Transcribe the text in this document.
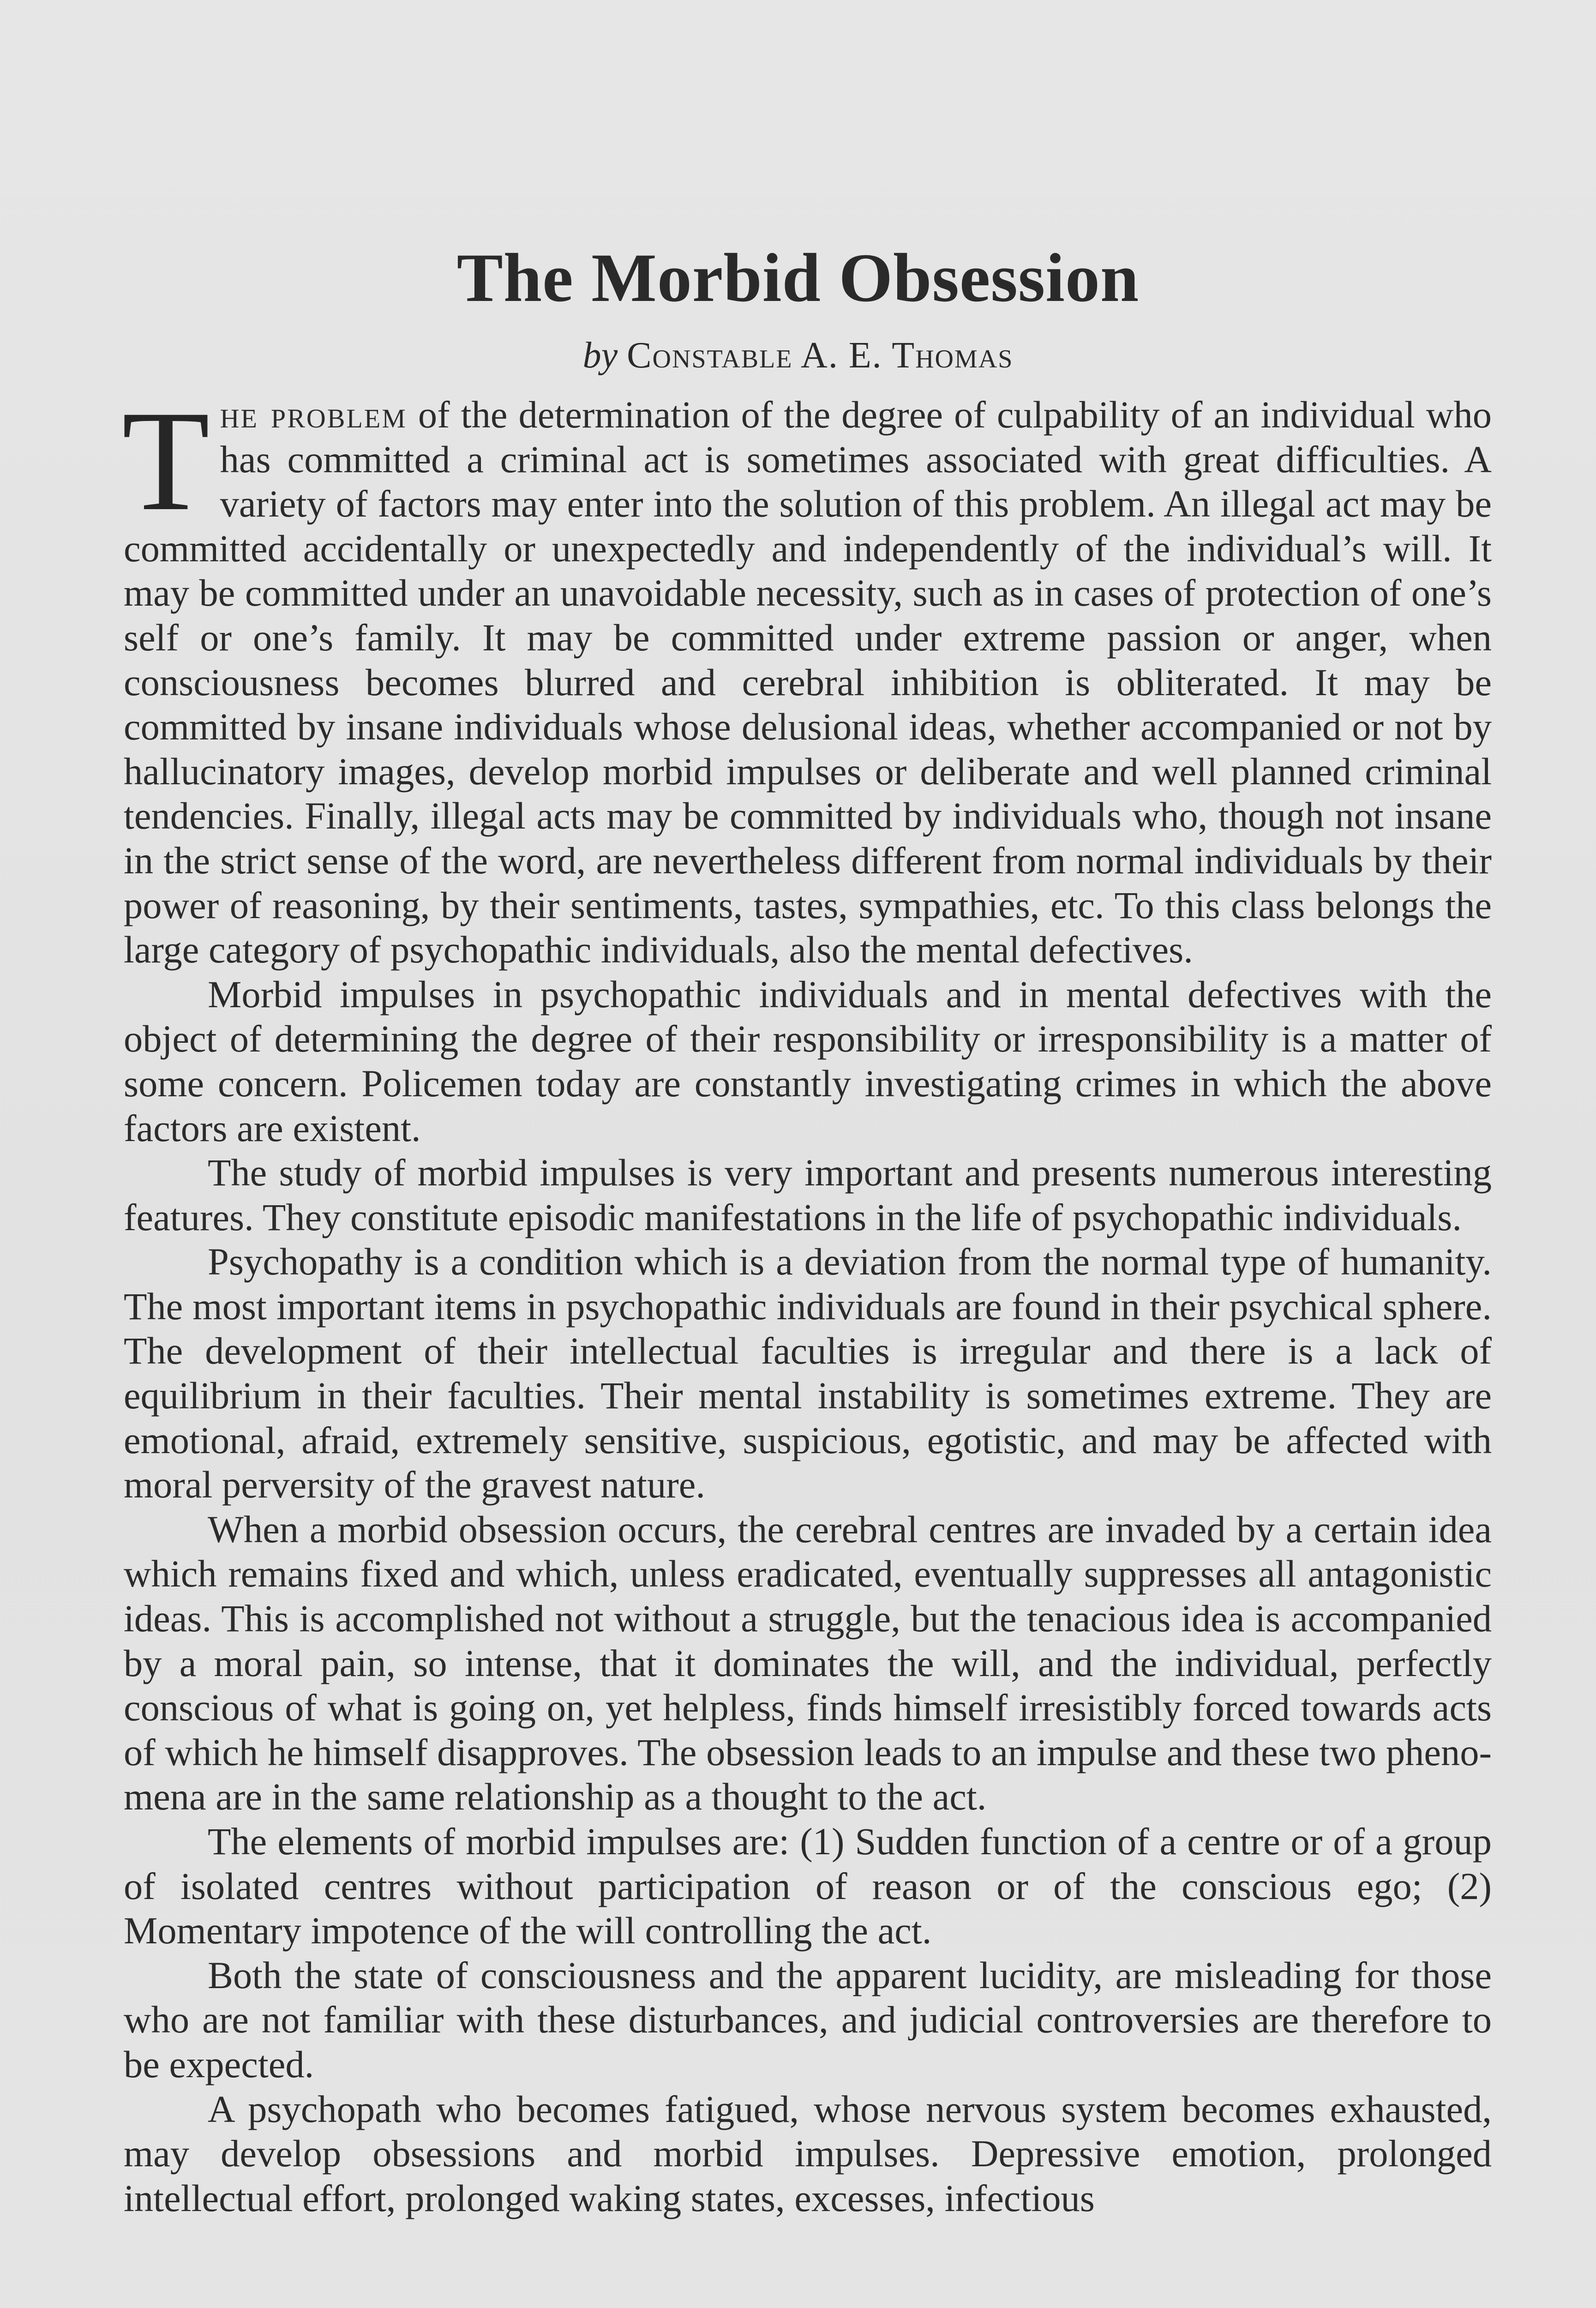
The Morbid Obsession
by Constable A. E. Thomas

The problem of the determination of the degree of culpability of an individual who has committed a criminal act is sometimes associated with great difficulties. A variety of factors may enter into the solution of this problem. An illegal act may be committed accidentally or unexpectedly and independently of the individual’s will. It may be committed under an unavoidable necessity, such as in cases of protection of one’s self or one’s family. It may be committed under extreme passion or anger, when consciousness becomes blurred and cerebral inhibition is obliterated. It may be committed by insane individuals whose delusional ideas, whether accompanied or not by hallucinatory images, develop morbid impulses or deliberate and well planned criminal tendencies. Finally, illegal acts may be committed by individuals who, though not insane in the strict sense of the word, are nevertheless different from normal individuals by their power of reasoning, by their sentiments, tastes, sympathies, etc. To this class belongs the large category of psychopathic individuals, also the mental defectives.

Morbid impulses in psychopathic individuals and in mental defectives with the object of determining the degree of their responsibility or irresponsibility is a matter of some concern. Policemen today are constantly investigating crimes in which the above factors are existent.

The study of morbid impulses is very important and presents numerous interesting features. They constitute episodic manifestations in the life of psychopathic individuals.

Psychopathy is a condition which is a deviation from the normal type of humanity. The most important items in psychopathic individuals are found in their psychical sphere. The development of their intellectual faculties is irregular and there is a lack of equilibrium in their faculties. Their mental instability is sometimes extreme. They are emotional, afraid, extremely sensitive, suspicious, egotistic, and may be affected with moral perversity of the gravest nature.

When a morbid obsession occurs, the cerebral centres are invaded by a certain idea which remains fixed and which, unless eradicated, eventually suppresses all antagonistic ideas. This is accomplished not without a struggle, but the tenacious idea is accompanied by a moral pain, so intense, that it dominates the will, and the individual, perfectly conscious of what is going on, yet helpless, finds himself irresistibly forced towards acts of which he himself disapproves. The obsession leads to an impulse and these two phenomena are in the same relationship as a thought to the act.

The elements of morbid impulses are: (1) Sudden function of a centre or of a group of isolated centres without participation of reason or of the conscious ego; (2) Momentary impotence of the will controlling the act.

Both the state of consciousness and the apparent lucidity, are misleading for those who are not familiar with these disturbances, and judicial controversies are therefore to be expected.

A psychopath who becomes fatigued, whose nervous system becomes exhausted, may develop obsessions and morbid impulses. Depressive emotion, prolonged intellectual effort, prolonged waking states, excesses, infectious
